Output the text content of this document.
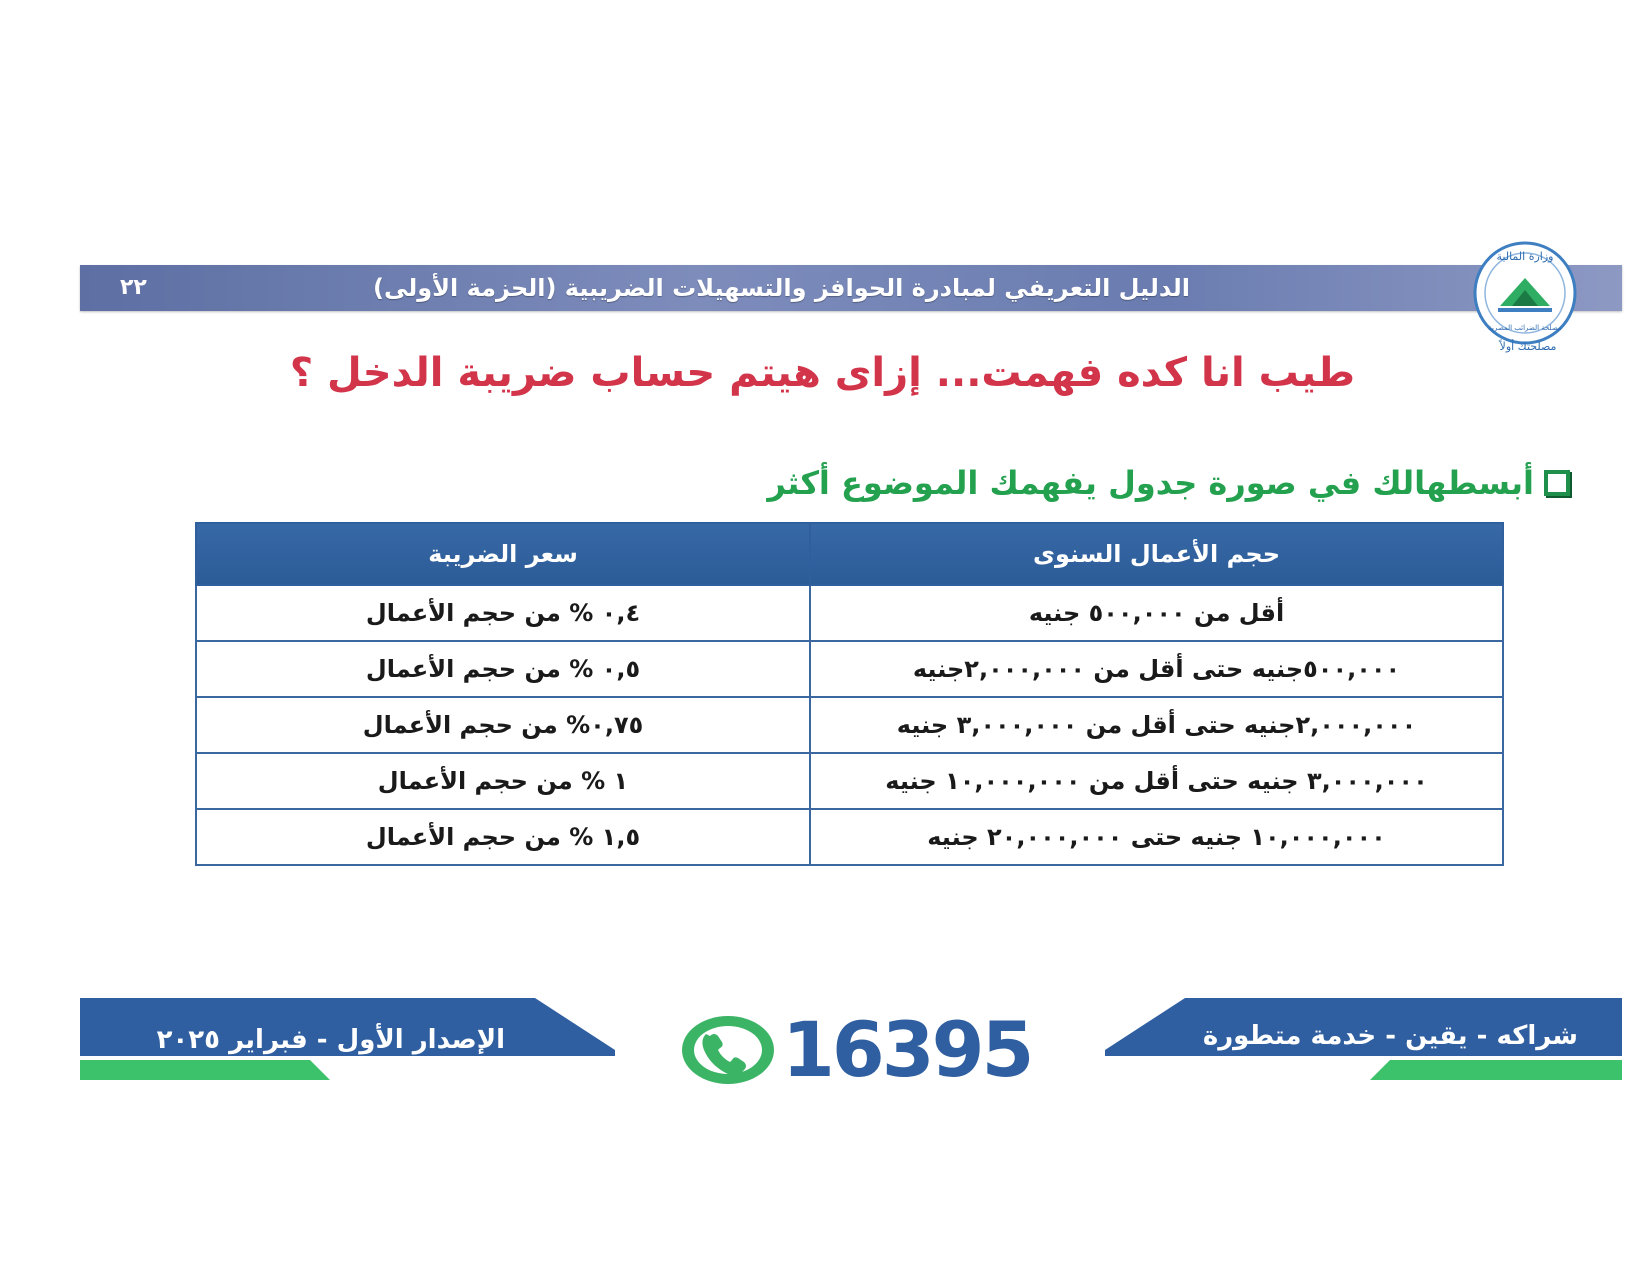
الدليل التعريفي لمبادرة الحوافز والتسهيلات الضريبية (الحزمة الأولى)
٢٢
وزارة المالية
مصلحة الضرائب المصرية
مصلحتك أولاً
طيب انا كده فهمت... إزاى هيتم حساب ضريبة الدخل ؟
أبسطهالك في صورة جدول يفهمك الموضوع أكثر
حجم الأعمال السنوى	سعر الضريبة
أقل من ٥٠٠,٠٠٠ جنيه	٠,٤ % من حجم الأعمال
٥٠٠,٠٠٠جنيه حتى أقل من ٢,٠٠٠,٠٠٠جنيه	٠,٥ % من حجم الأعمال
٢,٠٠٠,٠٠٠جنيه حتى أقل من ٣,٠٠٠,٠٠٠ جنيه	٠,٧٥% من حجم الأعمال
٣,٠٠٠,٠٠٠ جنيه حتى أقل من ١٠,٠٠٠,٠٠٠ جنيه	١ % من حجم الأعمال
١٠,٠٠٠,٠٠٠ جنيه حتى ٢٠,٠٠٠,٠٠٠ جنيه	١,٥ % من حجم الأعمال
الإصدار الأول - فبراير ٢٠٢٥	شراكه - يقين - خدمة متطورة
16395
